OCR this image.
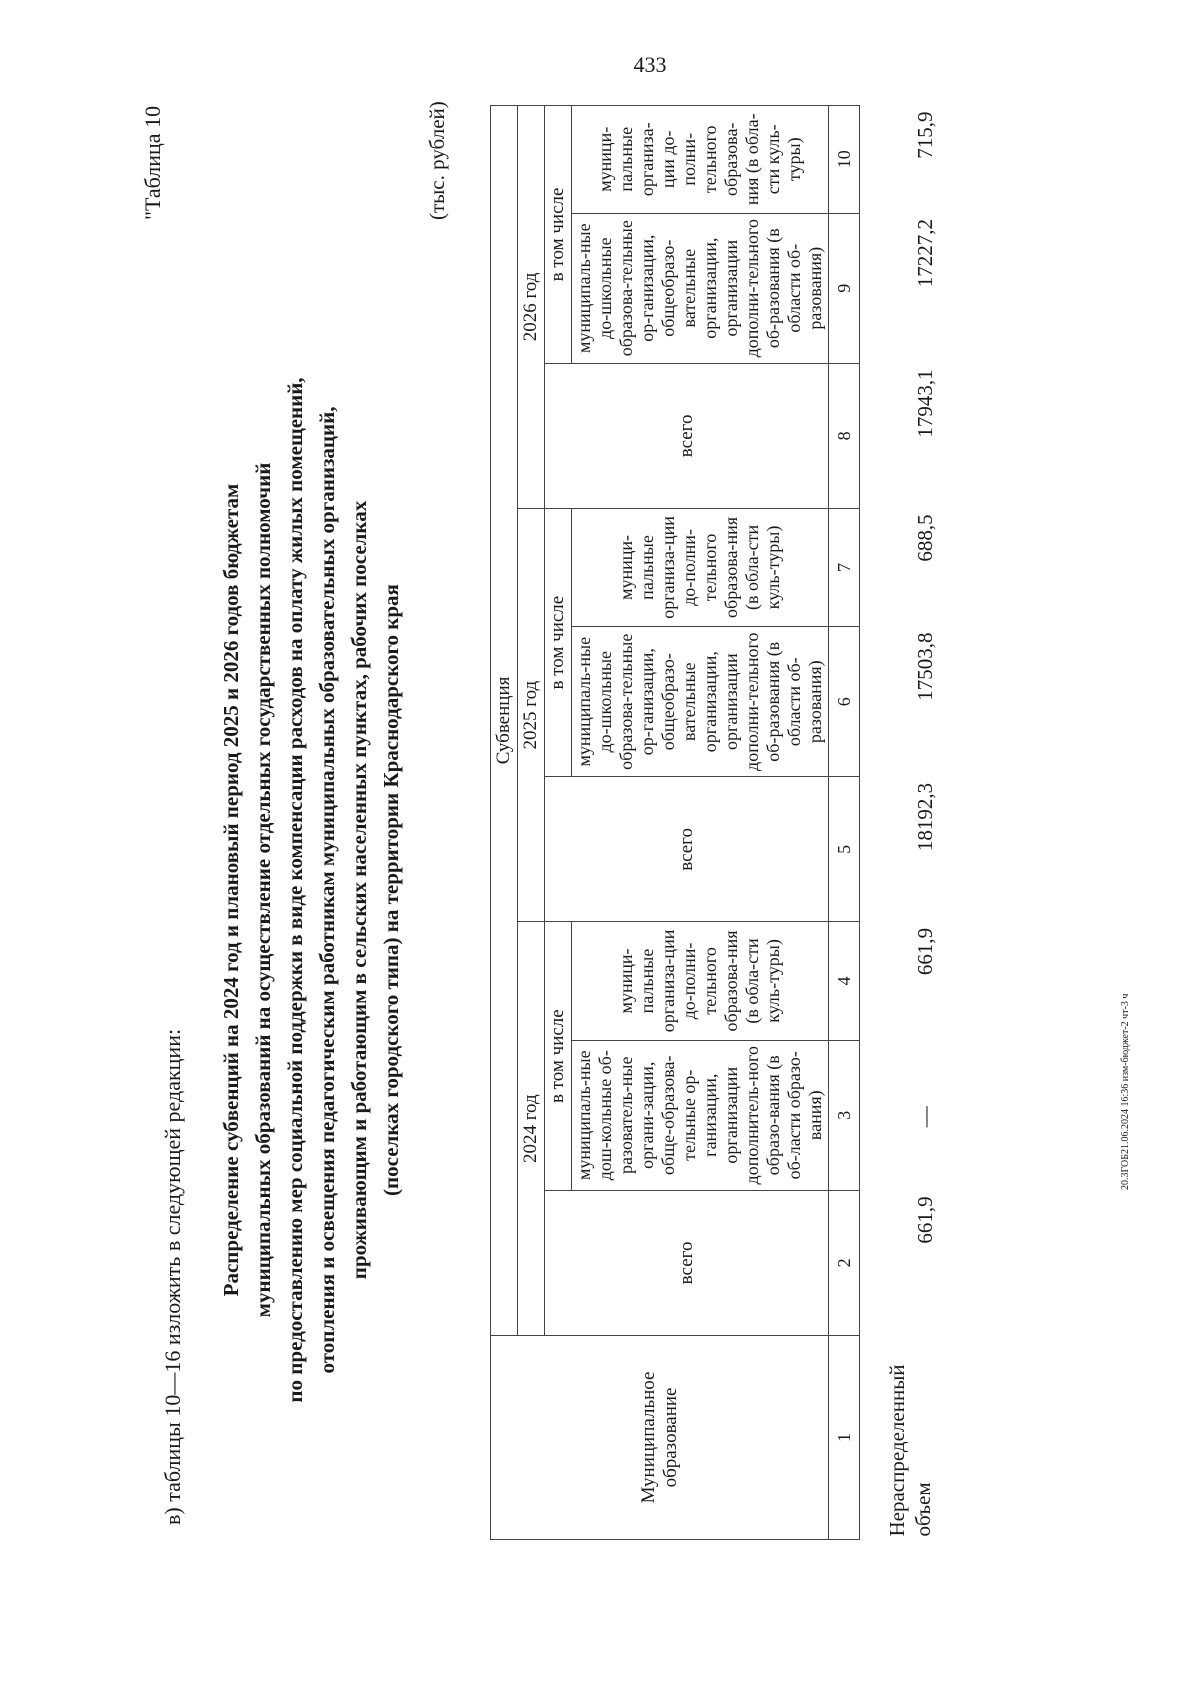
433
в) таблицы 10—16 изложить в следующей редакции:
"Таблица 10
Распределение субвенций на 2024 год и плановый период 2025 и 2026 годов бюджетам муниципальных образований на осуществление отдельных государственных полномочий по предоставлению мер социальной поддержки в виде компенсации расходов на оплату жилых помещений, отопления и освещения педагогическим работникам муниципальных образовательных организаций, проживающим и работающим в сельских населенных пунктах, рабочих поселках (поселках городского типа) на территории Краснодарского края
(тыс. рублей)
Муниципальное образование	Субвенция								
	2024 год			2025 год			2026 год		
	всего	в том числе		всего	в том числе		всего	в том числе	
		муниципаль-ные дош-кольные об-разователь-ные органи-зации, обще-образова-тельные ор-ганизации, организации дополнитель-ного образо-вания (в об-ласти образо-вания)	муници-пальные организа-ции до-полни-тельного образова-ния (в обла-сти куль-туры)		муниципаль-ные до-школьные образова-тельные ор-ганизации, общеобразо-вательные организации, организации дополни-тельного об-разования (в области об-разования)	муници-пальные организа-ции до-полни-тельного образова-ния (в обла-сти куль-туры)		муниципаль-ные до-школьные образова-тельные ор-ганизации, общеобразо-вательные организации, организации дополни-тельного об-разования (в области об-разования)	муници-пальные организа-ции до-полни-тельного образова-ния (в обла-сти куль-туры)
1	2	3	4	5	6	7	8	9	10
Нераспределенный объем	661,9	—	661,9	18192,3	17503,8	688,5	17943,1	17227,2	715,9
20.3ГОБ21.06.2024 16:36 изм-бюджет-2 чт-3 ч
